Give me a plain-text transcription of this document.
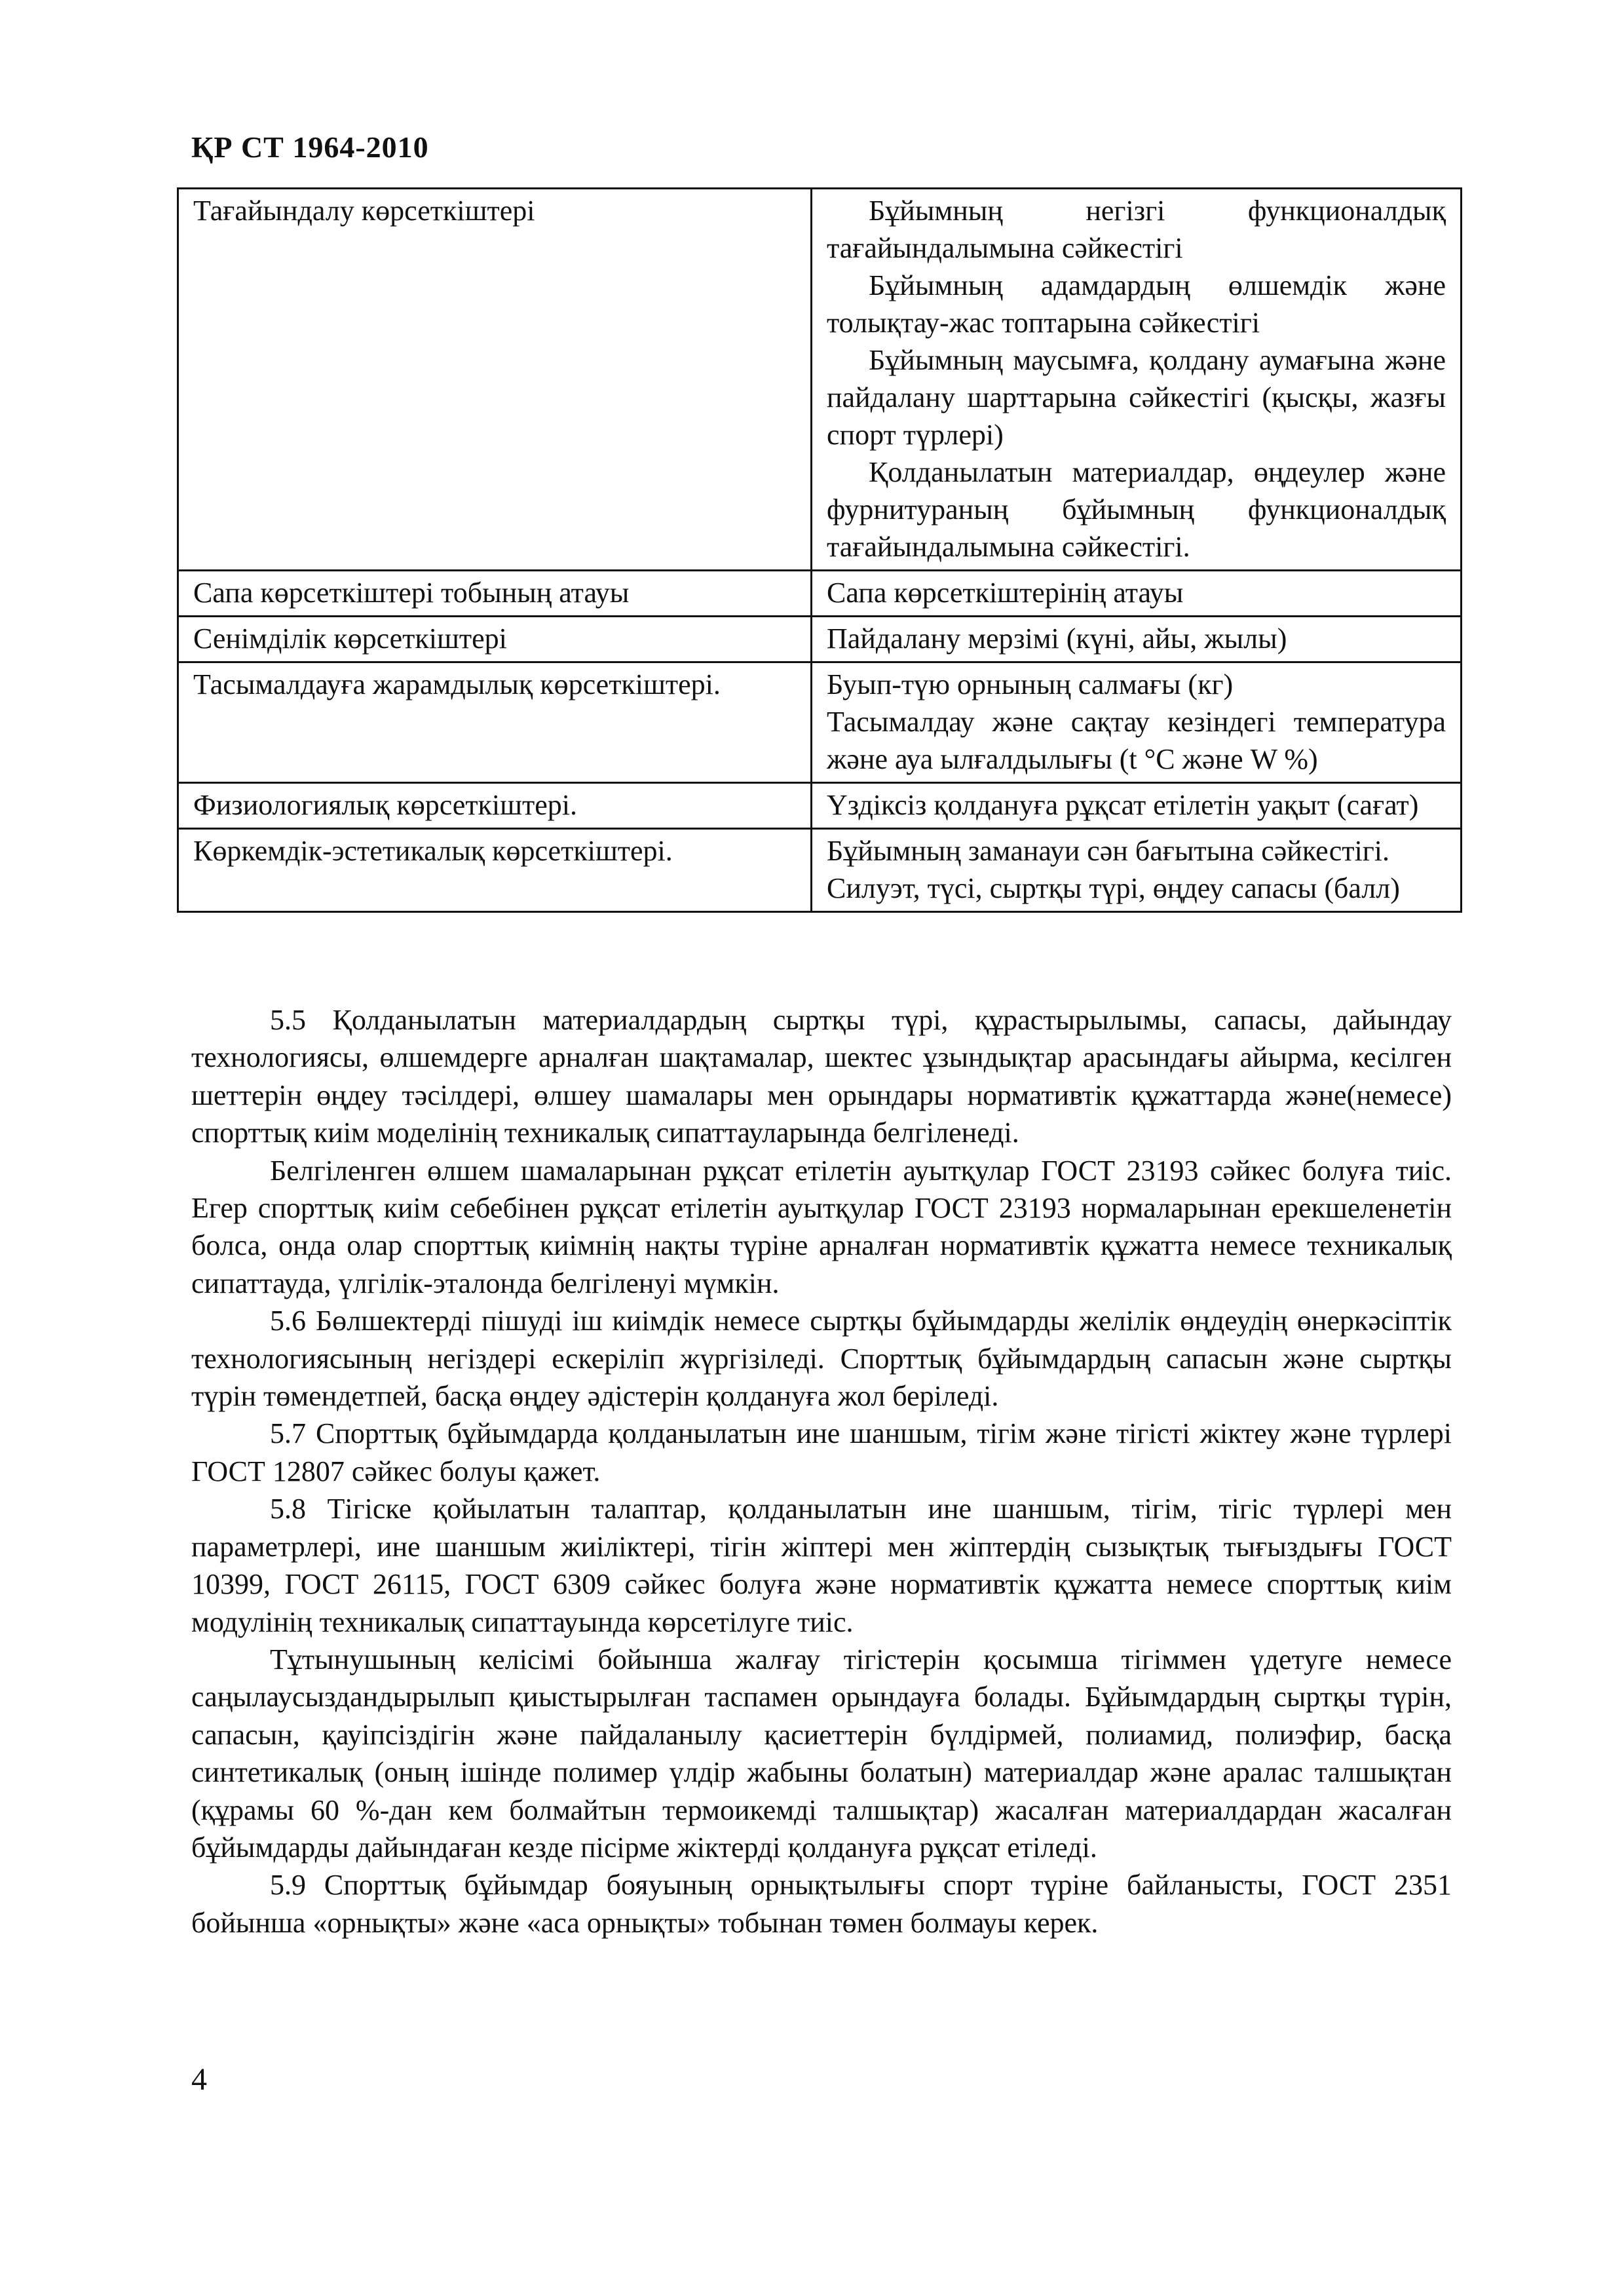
ҚР СТ 1964-2010
Тағайындалу көрсеткіштері	Бұйымның негізгі функционалдық тағайындалымына сәйкестігі

Бұйымның адамдардың өлшемдік және толықтау-жас топтарына сәйкестігі

Бұйымның маусымға, қолдану аумағына және пайдалану шарттарына сәйкестігі (қысқы, жазғы спорт түрлері)

Қолданылатын материалдар, өңдеулер және фурнитураның бұйымның функционалдық тағайындалымына сәйкестігі.

Сапа көрсеткіштері тобының атауы	Сапа көрсеткіштерінің атауы

Сенімділік көрсеткіштері	Пайдалану мерзімі (күні, айы, жылы)

Тасымалдауға жарамдылық көрсеткіштері.	Буып-түю орнының салмағы (кг)

Тасымалдау және сақтау кезіндегі температура және ауа ылғалдылығы (t °C және W %)

Физиологиялық көрсеткіштері.	Үздіксіз қолдануға рұқсат етілетін уақыт (сағат)

Көркемдік-эстетикалық көрсеткіштері.	Бұйымның заманауи сән бағытына сәйкестігі.

Силуэт, түсі, сыртқы түрі, өңдеу сапасы (балл)

5.5 Қолданылатын материалдардың сыртқы түрі, құрастырылымы, сапасы, дайындау технологиясы, өлшемдерге арналған шақтамалар, шектес ұзындықтар арасындағы айырма, кесілген шеттерін өңдеу тәсілдері, өлшеу шамалары мен орындары нормативтік құжаттарда және(немесе) спорттық киім моделінің техникалық сипаттауларында белгіленеді.

Белгіленген өлшем шамаларынан рұқсат етілетін ауытқулар ГОСТ 23193 сәйкес болуға тиіс. Егер спорттық киім себебінен рұқсат етілетін ауытқулар ГОСТ 23193 нормаларынан ерекшеленетін болса, онда олар спорттық киімнің нақты түріне арналған нормативтік құжатта немесе техникалық сипаттауда, үлгілік-эталонда белгіленуі мүмкін.

5.6 Бөлшектерді пішуді іш киімдік немесе сыртқы бұйымдарды желілік өңдеудің өнеркәсіптік технологиясының негіздері ескеріліп жүргізіледі. Спорттық бұйымдардың сапасын және сыртқы түрін төмендетпей, басқа өңдеу әдістерін қолдануға жол беріледі.

5.7 Спорттық бұйымдарда қолданылатын ине шаншым, тігім және тігісті жіктеу және түрлері ГОСТ 12807 сәйкес болуы қажет.

5.8 Тігіске қойылатын талаптар, қолданылатын ине шаншым, тігім, тігіс түрлері мен параметрлері, ине шаншым жиіліктері, тігін жіптері мен жіптердің сызықтық тығыздығы ГОСТ 10399, ГОСТ 26115, ГОСТ 6309 сәйкес болуға және нормативтік құжатта немесе спорттық киім модулінің техникалық сипаттауында көрсетілуге тиіс.

Тұтынушының келісімі бойынша жалғау тігістерін қосымша тігіммен үдетуге немесе саңылаусыздандырылып қиыстырылған таспамен орындауға болады. Бұйымдардың сыртқы түрін, сапасын, қауіпсіздігін және пайдаланылу қасиеттерін бүлдірмей, полиамид, полиэфир, басқа синтетикалық (оның ішінде полимер үлдір жабыны болатын) материалдар және аралас талшықтан (құрамы 60 %-дан кем болмайтын термоикемді талшықтар) жасалған материалдардан жасалған бұйымдарды дайындаған кезде пісірме жіктерді қолдануға рұқсат етіледі.

5.9 Спорттық бұйымдар бояуының орнықтылығы спорт түріне байланысты, ГОСТ 2351 бойынша «орнықты» және «аса орнықты» тобынан төмен болмауы керек.

4
